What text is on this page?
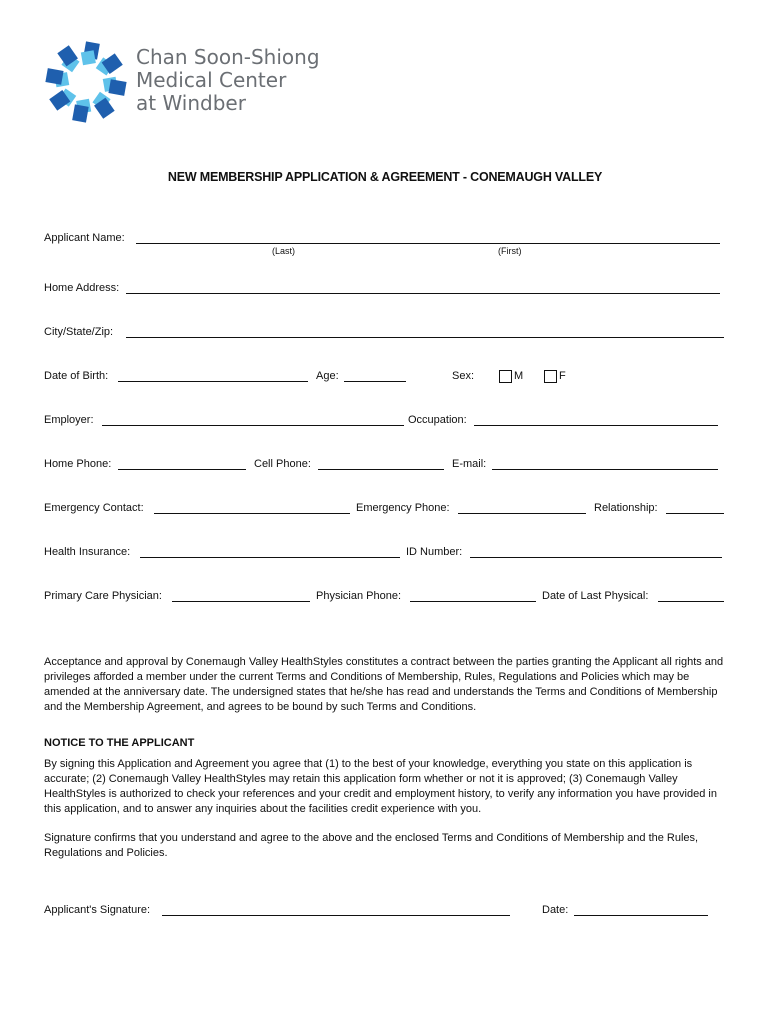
Chan Soon-Shiong
Medical Center
at Windber
NEW MEMBERSHIP APPLICATION & AGREEMENT - CONEMAUGH VALLEY
Applicant Name:
(Last)	(First)
Home Address:
City/State/Zip:
Date of Birth:	Age:	Sex:	M	F
Employer:	Occupation:
Home Phone:	Cell Phone:	E-mail:
Emergency Contact:	Emergency Phone:	Relationship:
Health Insurance:	ID Number:
Primary Care Physician:	Physician Phone:	Date of Last Physical:
Acceptance and approval by Conemaugh Valley HealthStyles constitutes a contract between the parties granting the Applicant all rights and privileges afforded a member under the current Terms and Conditions of Membership, Rules, Regulations and Policies which may be amended at the anniversary date. The undersigned states that he/she has read and understands the Terms and Conditions of Membership and the Membership Agreement, and agrees to be bound by such Terms and Conditions.
NOTICE TO THE APPLICANT
By signing this Application and Agreement you agree that (1) to the best of your knowledge, everything you state on this application is accurate; (2) Conemaugh Valley HealthStyles may retain this application form whether or not it is approved; (3) Conemaugh Valley HealthStyles is authorized to check your references and your credit and employment history, to verify any information you have provided in this application, and to answer any inquiries about the facilities credit experience with you.
Signature confirms that you understand and agree to the above and the enclosed Terms and Conditions of Membership and the Rules, Regulations and Policies.
Applicant's Signature:	Date:
